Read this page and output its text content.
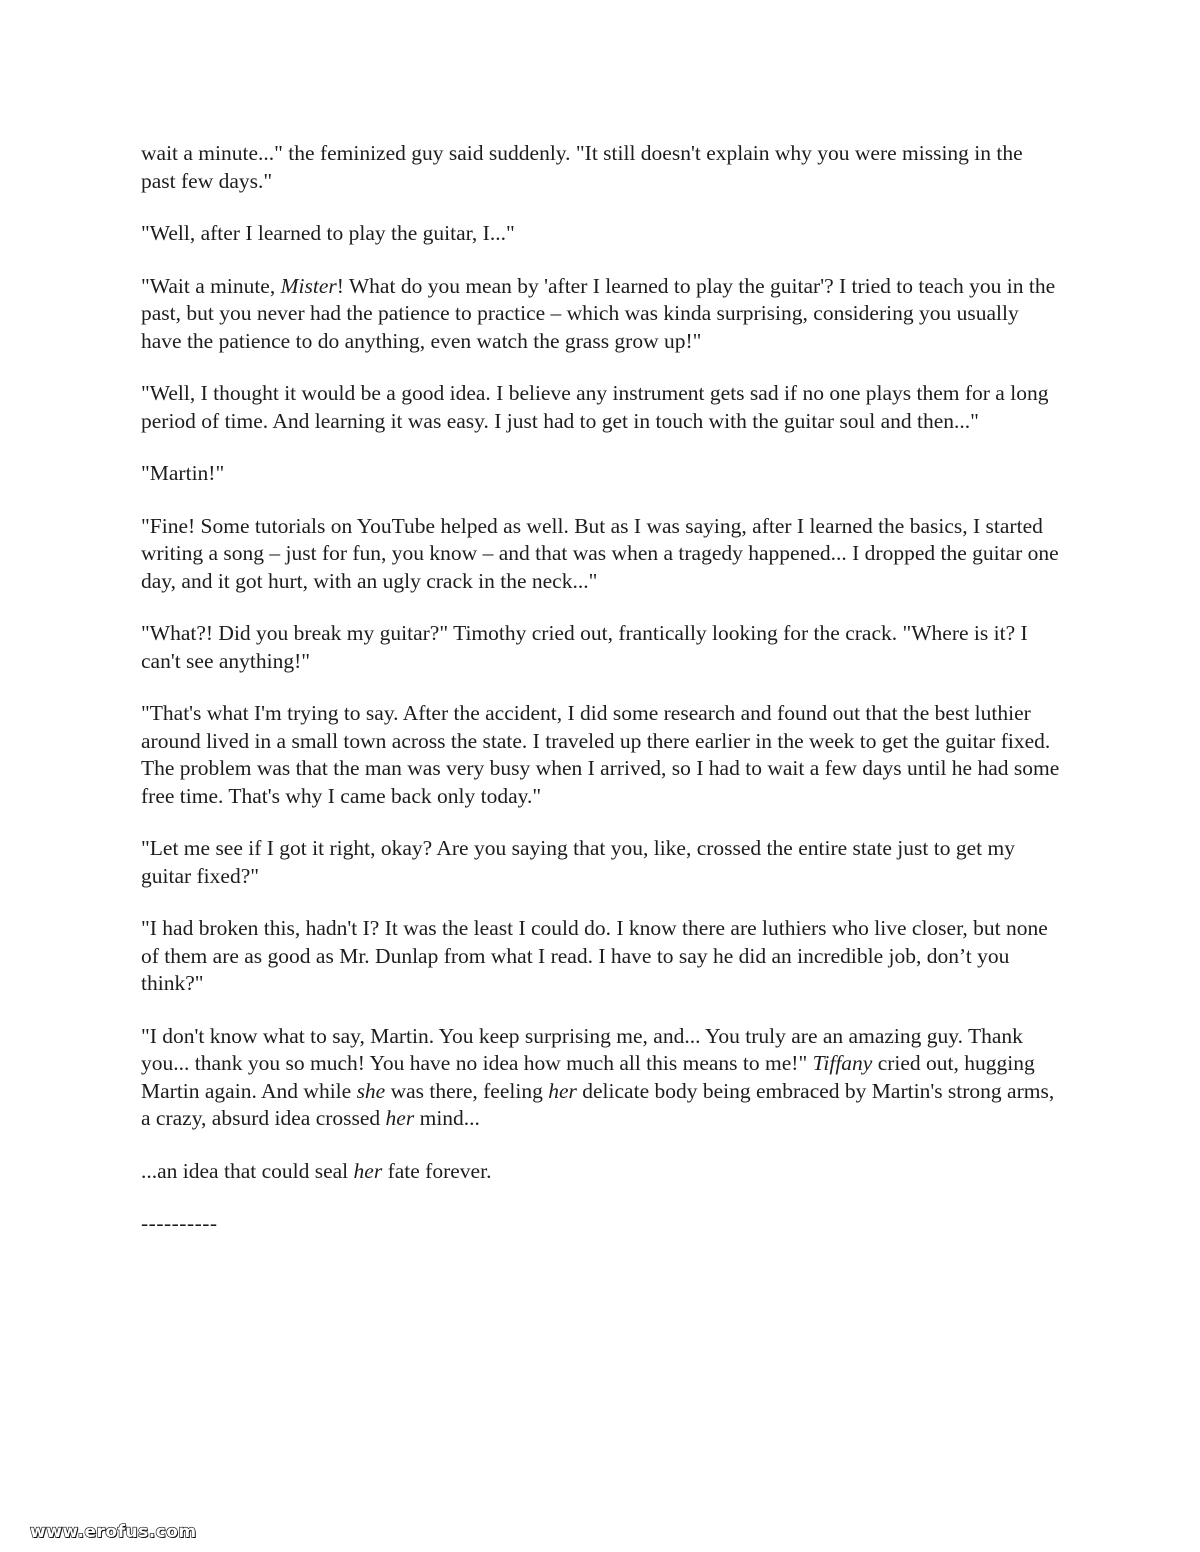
wait a minute..." the feminized guy said suddenly. "It still doesn't explain why you were missing in the past few days."

"Well, after I learned to play the guitar, I..."

"Wait a minute, Mister! What do you mean by 'after I learned to play the guitar'? I tried to teach you in the past, but you never had the patience to practice – which was kinda surprising, considering you usually have the patience to do anything, even watch the grass grow up!"

"Well, I thought it would be a good idea. I believe any instrument gets sad if no one plays them for a long period of time. And learning it was easy. I just had to get in touch with the guitar soul and then..."

"Martin!"

"Fine! Some tutorials on YouTube helped as well. But as I was saying, after I learned the basics, I started writing a song – just for fun, you know – and that was when a tragedy happened... I dropped the guitar one day, and it got hurt, with an ugly crack in the neck..."

"What?! Did you break my guitar?" Timothy cried out, frantically looking for the crack. "Where is it? I can't see anything!"

"That's what I'm trying to say. After the accident, I did some research and found out that the best luthier around lived in a small town across the state. I traveled up there earlier in the week to get the guitar fixed. The problem was that the man was very busy when I arrived, so I had to wait a few days until he had some free time. That's why I came back only today."

"Let me see if I got it right, okay? Are you saying that you, like, crossed the entire state just to get my guitar fixed?"

"I had broken this, hadn't I? It was the least I could do. I know there are luthiers who live closer, but none of them are as good as Mr. Dunlap from what I read. I have to say he did an incredible job, don’t you think?"

"I don't know what to say, Martin. You keep surprising me, and... You truly are an amazing guy. Thank you... thank you so much! You have no idea how much all this means to me!" Tiffany cried out, hugging Martin again. And while she was there, feeling her delicate body being embraced by Martin's strong arms, a crazy, absurd idea crossed her mind...

...an idea that could seal her fate forever.

----------

www.erofus.com
